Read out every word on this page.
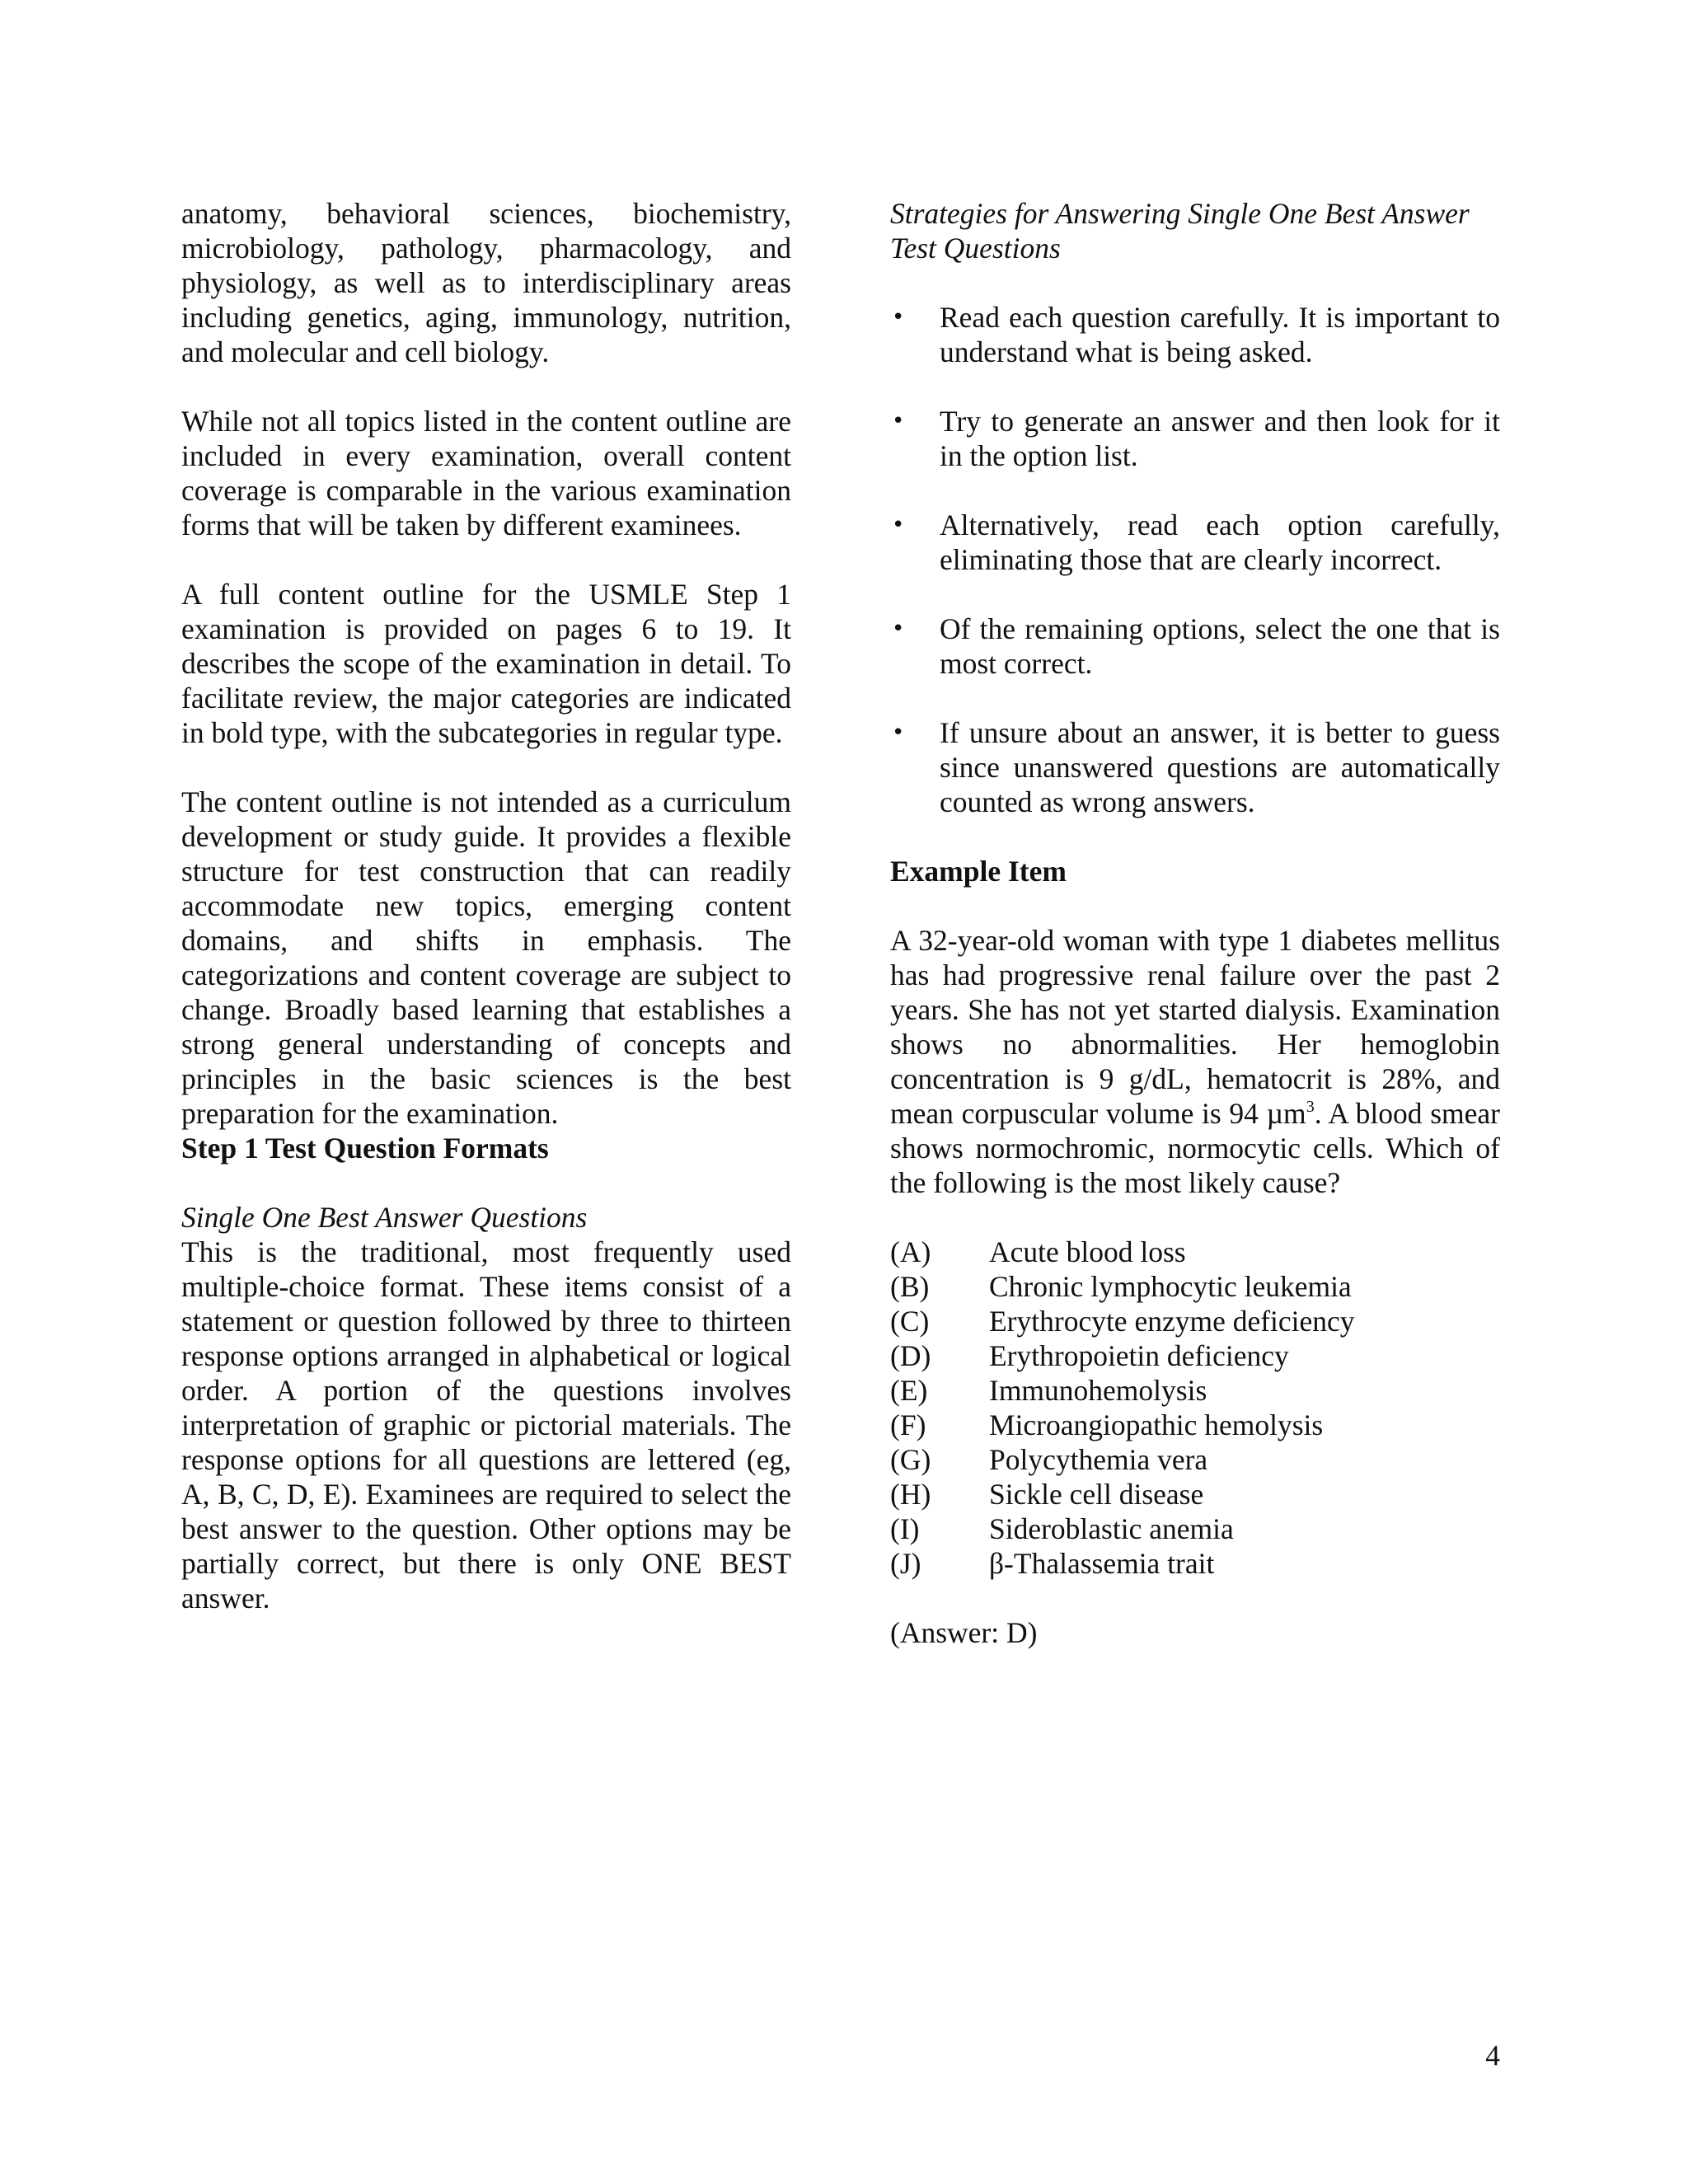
anatomy, behavioral sciences, biochemistry, microbiology, pathology, pharmacology, and physiology, as well as to interdisciplinary areas including genetics, aging, immunology, nutrition, and molecular and cell biology.

While not all topics listed in the content outline are included in every examination, overall content coverage is comparable in the various examination forms that will be taken by different examinees.

A full content outline for the USMLE Step 1 examination is provided on pages 6 to 19. It describes the scope of the examination in detail. To facilitate review, the major categories are indicated in bold type, with the subcategories in regular type.

The content outline is not intended as a curriculum development or study guide. It provides a flexible structure for test construction that can readily accommodate new topics, emerging content domains, and shifts in emphasis. The categorizations and content coverage are subject to change. Broadly based learning that establishes a strong general understanding of concepts and principles in the basic sciences is the best preparation for the examination.

Step 1 Test Question Formats

Single One Best Answer Questions

This is the traditional, most frequently used multiple-choice format. These items consist of a statement or question followed by three to thirteen response options arranged in alphabetical or logical order. A portion of the questions involves interpretation of graphic or pictorial materials. The response options for all questions are lettered (eg, A, B, C, D, E). Examinees are required to select the best answer to the question. Other options may be partially correct, but there is only ONE BEST answer.

Strategies for Answering Single One Best Answer Test Questions

• Read each question carefully. It is important to understand what is being asked.
• Try to generate an answer and then look for it in the option list.
• Alternatively, read each option carefully, eliminating those that are clearly incorrect.
• Of the remaining options, select the one that is most correct.
• If unsure about an answer, it is better to guess since unanswered questions are automatically counted as wrong answers.

Example Item

A 32-year-old woman with type 1 diabetes mellitus has had progressive renal failure over the past 2 years. She has not yet started dialysis. Examination shows no abnormalities. Her hemoglobin concentration is 9 g/dL, hematocrit is 28%, and mean corpuscular volume is 94 µm$^3$. A blood smear shows normochromic, normocytic cells. Which of the following is the most likely cause?

(A)	Acute blood loss
(B)	Chronic lymphocytic leukemia
(C)	Erythrocyte enzyme deficiency
(D)	Erythropoietin deficiency
(E)	Immunohemolysis
(F)	Microangiopathic hemolysis
(G)	Polycythemia vera
(H)	Sickle cell disease
(I)	Sideroblastic anemia
(J)	β-Thalassemia trait

(Answer: D)

4
